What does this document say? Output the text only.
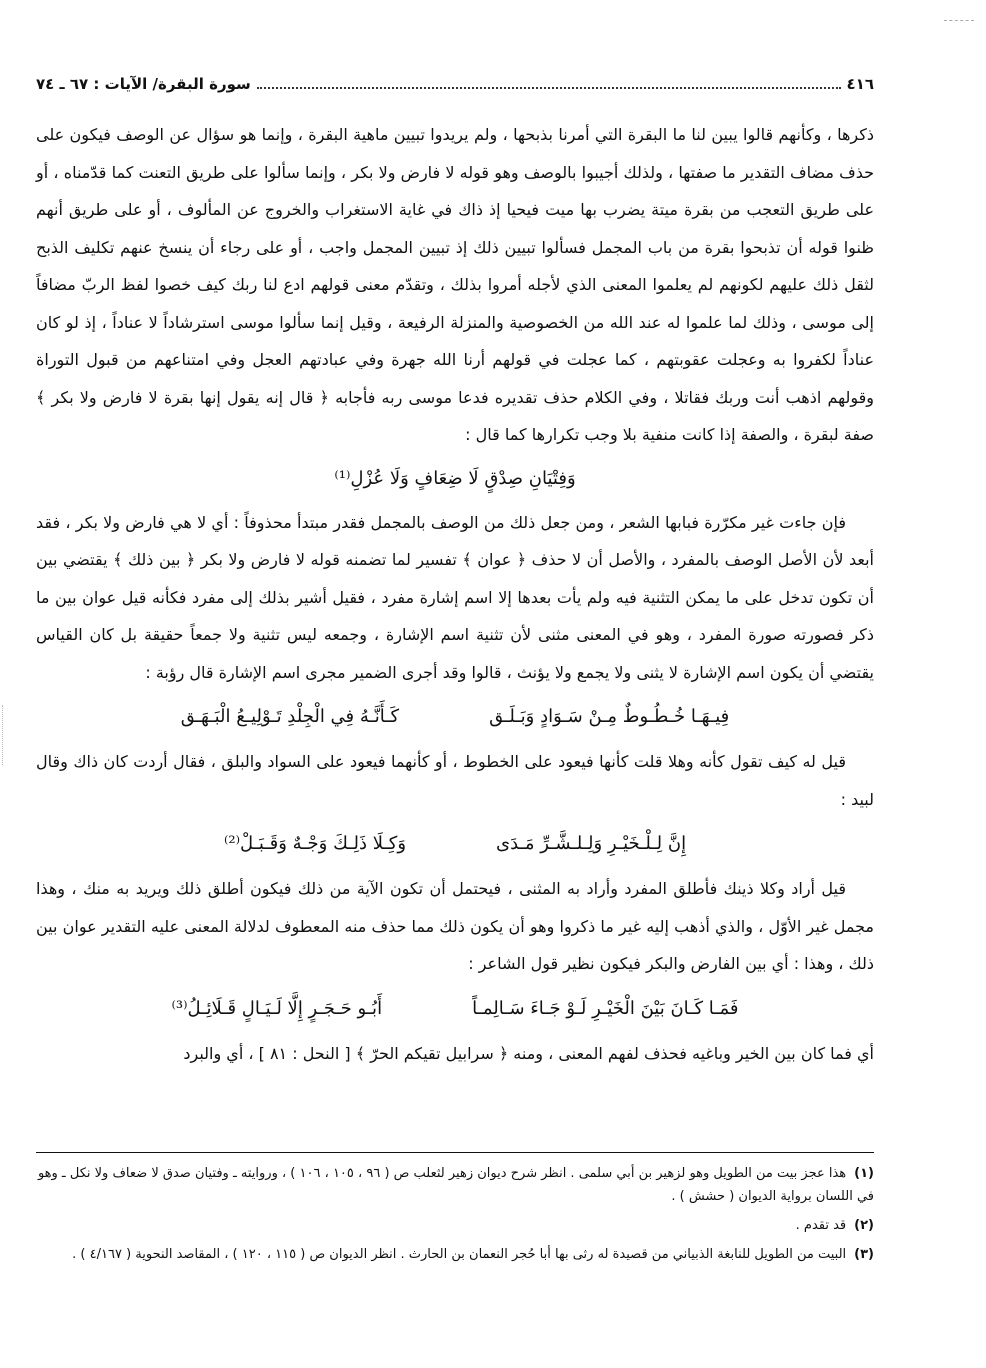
٤١٦
سورة البقرة/ الآيات : ٦٧ ـ ٧٤

ذكرها ، وكأنهم قالوا يبين لنا ما البقرة التي أمرنا بذبحها ، ولم يريدوا تبيين ماهية البقرة ، وإنما هو سؤال عن الوصف فيكون على حذف مضاف التقدير ما صفتها ، ولذلك أجيبوا بالوصف وهو قوله لا فارض ولا بكر ، وإنما سألوا على طريق التعنت كما قدّمناه ، أو على طريق التعجب من بقرة ميتة يضرب بها ميت فيحيا إذ ذاك في غاية الاستغراب والخروج عن المألوف ، أو على طريق أنهم ظنوا قوله أن تذبحوا بقرة من باب المجمل فسألوا تبيين ذلك إذ تبيين المجمل واجب ، أو على رجاء أن ينسخ عنهم تكليف الذبح لثقل ذلك عليهم لكونهم لم يعلموا المعنى الذي لأجله أمروا بذلك ، وتقدّم معنى قولهم ادع لنا ربك كيف خصوا لفظ الربّ مضافاً إلى موسى ، وذلك لما علموا له عند الله من الخصوصية والمنزلة الرفيعة ، وقيل إنما سألوا موسى استرشاداً لا عناداً ، إذ لو كان عناداً لكفروا به وعجلت عقوبتهم ، كما عجلت في قولهم أرنا الله جهرة وفي عبادتهم العجل وفي امتناعهم من قبول التوراة وقولهم اذهب أنت وربك فقاتلا ، وفي الكلام حذف تقديره فدعا موسى ربه فأجابه ﴿ قال إنه يقول إنها بقرة لا فارض ولا بكر ﴾ صفة لبقرة ، والصفة إذا كانت منفية بلا وجب تكرارها كما قال :

وَفِتْيَانِ صِدْقٍ لَا ضِعَافٍ وَلَا عُزْلِ⁽¹⁾

فإن جاءت غير مكرّرة فبابها الشعر ، ومن جعل ذلك من الوصف بالمجمل فقدر مبتدأ محذوفاً : أي لا هي فارض ولا بكر ، فقد أبعد لأن الأصل الوصف بالمفرد ، والأصل أن لا حذف ﴿ عوان ﴾ تفسير لما تضمنه قوله لا فارض ولا بكر ﴿ بين ذلك ﴾ يقتضي بين أن تكون تدخل على ما يمكن التثنية فيه ولم يأت بعدها إلا اسم إشارة مفرد ، فقيل أشير بذلك إلى مفرد فكأنه قيل عوان بين ما ذكر فصورته صورة المفرد ، وهو في المعنى مثنى لأن تثنية اسم الإشارة ، وجمعه ليس تثنية ولا جمعاً حقيقة بل كان القياس يقتضي أن يكون اسم الإشارة لا يثنى ولا يجمع ولا يؤنث ، قالوا وقد أجرى الضمير مجرى اسم الإشارة قال رؤبة :

فِيـهَـا خُـطُـوطٌ مِـنْ سَـوَادٍ وَبَـلَـق
كَـأَنَّـهُ فِي الْجِلْدِ تَـوْلِيـعُ الْبَـهَـق

قيل له كيف تقول كأنه وهلا قلت كأنها فيعود على الخطوط ، أو كأنهما فيعود على السواد والبلق ، فقال أردت كان ذاك وقال لبيد :

إِنَّ لِـلْـخَيْـرِ وَلِـلـشَّـرِّ مَـدَى
وَكِـلَا ذَلِـكَ وَجْـهٌ وَقَـبَـلْ⁽²⁾

قيل أراد وكلا ذينك فأطلق المفرد وأراد به المثنى ، فيحتمل أن تكون الآية من ذلك فيكون أطلق ذلك ويريد به منك ، وهذا مجمل غير الأوّل ، والذي أذهب إليه غير ما ذكروا وهو أن يكون ذلك مما حذف منه المعطوف لدلالة المعنى عليه التقدير عوان بين ذلك ، وهذا : أي بين الفارض والبكر فيكون نظير قول الشاعر :

فَمَـا كَـانَ بَيْنَ الْخَيْـرِ لَـوْ جَـاءَ سَـالِمـاً
أَبُـو حَـجَـرٍ إِلَّا لَـيَـالٍ قَـلَائِـلُ⁽³⁾

أي فما كان بين الخير وباغيه فحذف لفهم المعنى ، ومنه ﴿ سرابيل تقيكم الحرّ ﴾ [ النحل : ٨١ ] ، أي والبرد

(١)هذا عجز بيت من الطويل وهو لزهير بن أبي سلمى . انظر شرح ديوان زهير لثعلب ص ( ٩٦ ، ١٠٥ ، ١٠٦ ) ، وروايته ـ وفتيان صدق لا ضعاف ولا نكل ـ وهو في اللسان برواية الديوان ( حشش ) .
(٢)قد تقدم .
(٣)البيت من الطويل للنابغة الذبياني من قصيدة له رثى بها أبا حُجر النعمان بن الحارث . انظر الديوان ص ( ١١٥ ، ١٢٠ ) ، المقاصد النحوية ( ٤/١٦٧ ) .
